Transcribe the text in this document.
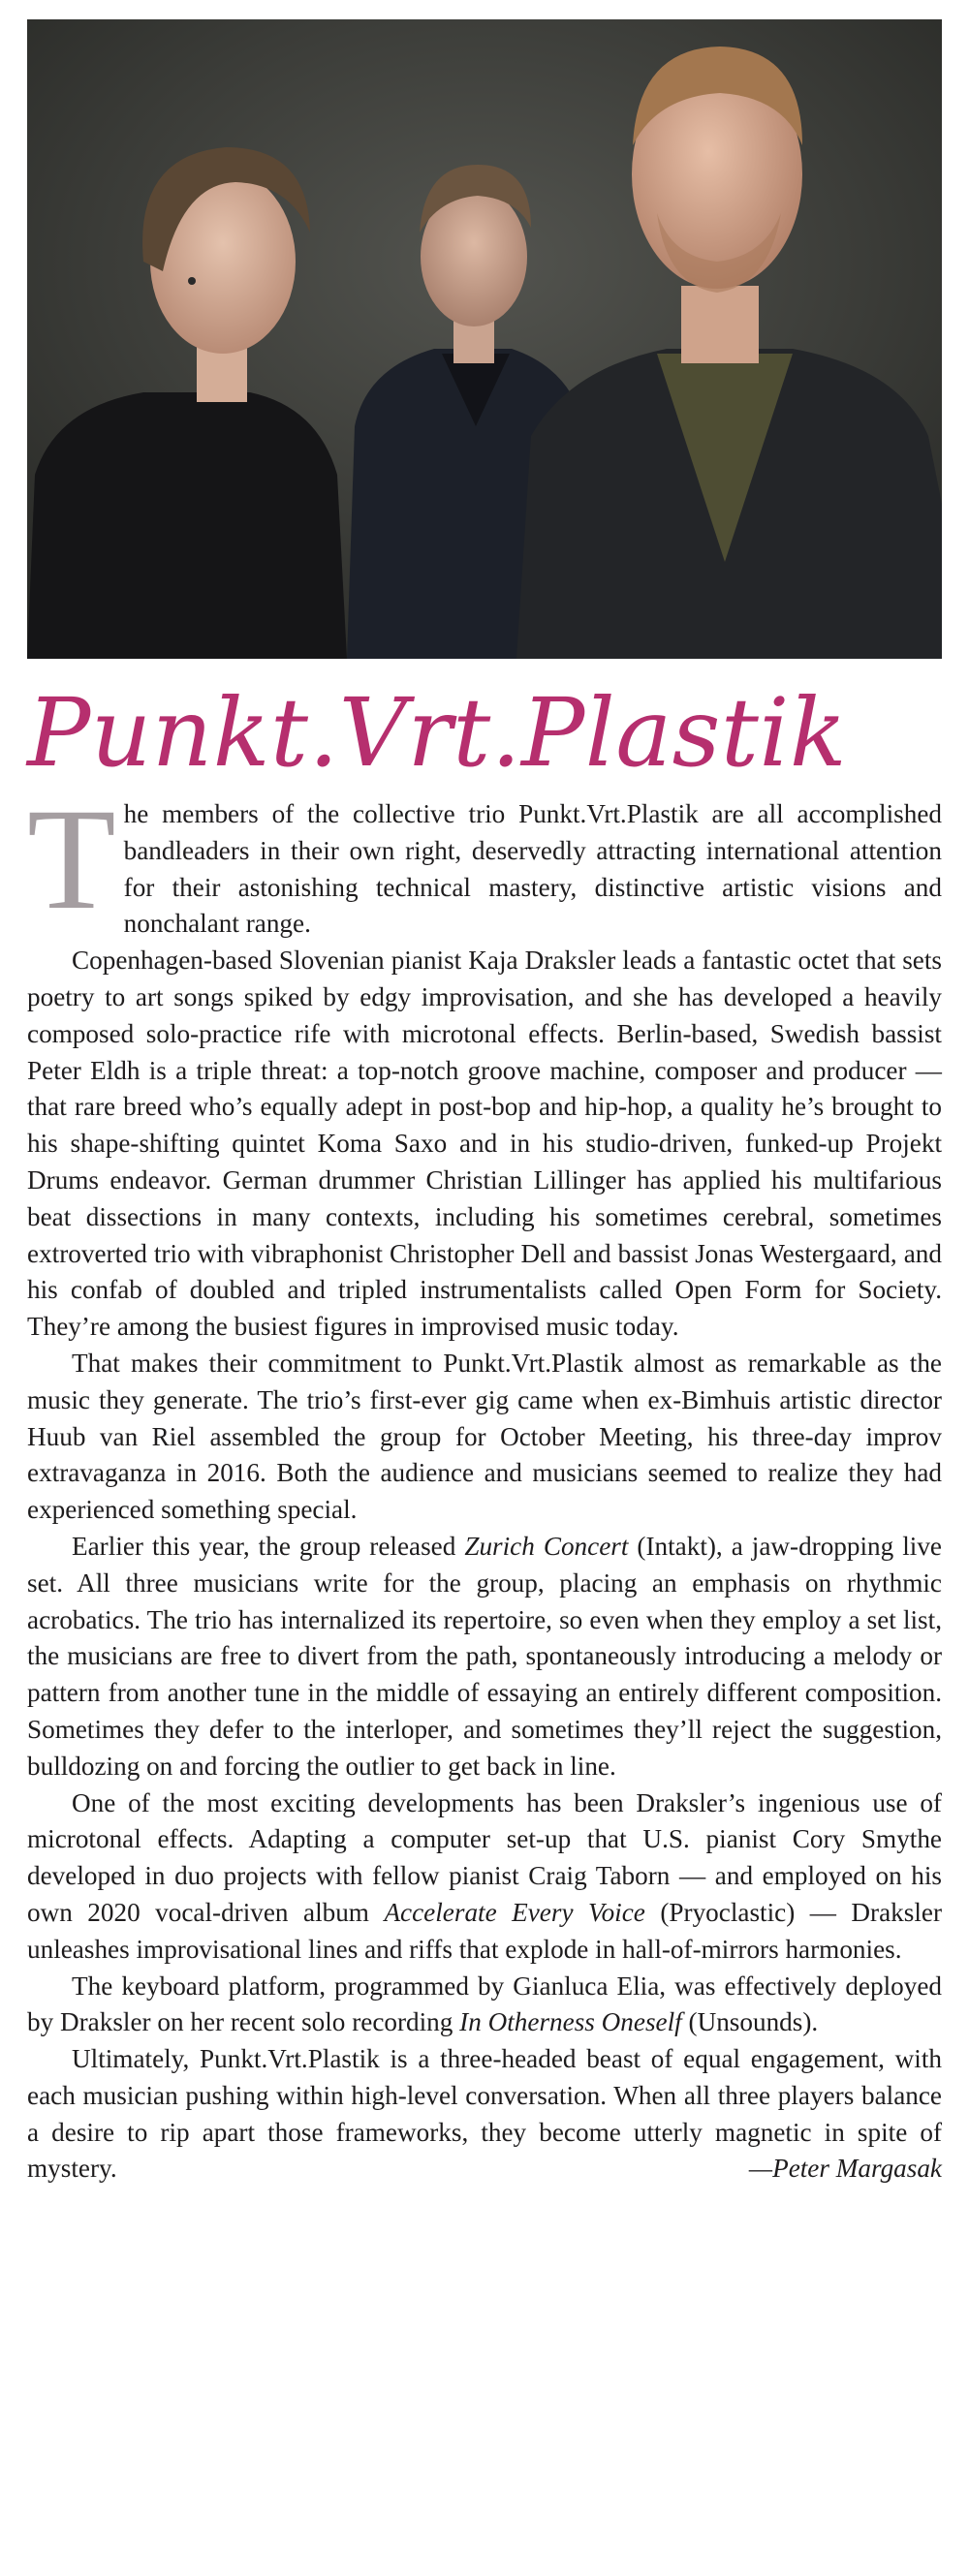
Punkt.Vrt.Plastik

The members of the collective trio Punkt.Vrt.Plastik are all accomplished bandleaders in their own right, deservedly attracting international attention for their astonishing technical mastery, distinctive artistic visions and nonchalant range.

Copenhagen-based Slovenian pianist Kaja Draksler leads a fantastic octet that sets poetry to art songs spiked by edgy improvisation, and she has developed a heavily composed solo-practice rife with microtonal effects. Berlin-based, Swedish bassist Peter Eldh is a triple threat: a top-notch groove machine, composer and producer — that rare breed who’s equally adept in post-bop and hip-hop, a quality he’s brought to his shape-shifting quintet Koma Saxo and in his studio-driven, funked-up Projekt Drums endeavor. German drummer Christian Lillinger has applied his multifarious beat dissections in many contexts, including his sometimes cerebral, sometimes extroverted trio with vibraphonist Christopher Dell and bassist Jonas Westergaard, and his confab of doubled and tripled instrumentalists called Open Form for Society. They’re among the busiest figures in improvised music today.

That makes their commitment to Punkt.Vrt.Plastik almost as remarkable as the music they generate. The trio’s first-ever gig came when ex-Bimhuis artistic director Huub van Riel assembled the group for October Meeting, his three-day improv extravaganza in 2016. Both the audience and musicians seemed to realize they had experienced something special.

Earlier this year, the group released Zurich Concert (Intakt), a jaw-dropping live set. All three musicians write for the group, placing an emphasis on rhythmic acrobatics. The trio has internalized its repertoire, so even when they employ a set list, the musicians are free to divert from the path, spontaneously introducing a melody or pattern from another tune in the middle of essaying an entirely different composition. Sometimes they defer to the interloper, and sometimes they’ll reject the suggestion, bulldozing on and forcing the outlier to get back in line.

One of the most exciting developments has been Draksler’s ingenious use of microtonal effects. Adapting a computer set-up that U.S. pianist Cory Smythe developed in duo projects with fellow pianist Craig Taborn — and employed on his own 2020 vocal-driven album Accelerate Every Voice (Pryoclastic) — Draksler unleashes improvisational lines and riffs that explode in hall-of-mirrors harmonies.

The keyboard platform, programmed by Gianluca Elia, was effectively deployed by Draksler on her recent solo recording In Otherness Oneself (Unsounds).

Ultimately, Punkt.Vrt.Plastik is a three-headed beast of equal engagement, with each musician pushing within high-level conversation. When all three players balance a desire to rip apart those frameworks, they become utterly magnetic in spite of mystery.	—Peter Margasak
